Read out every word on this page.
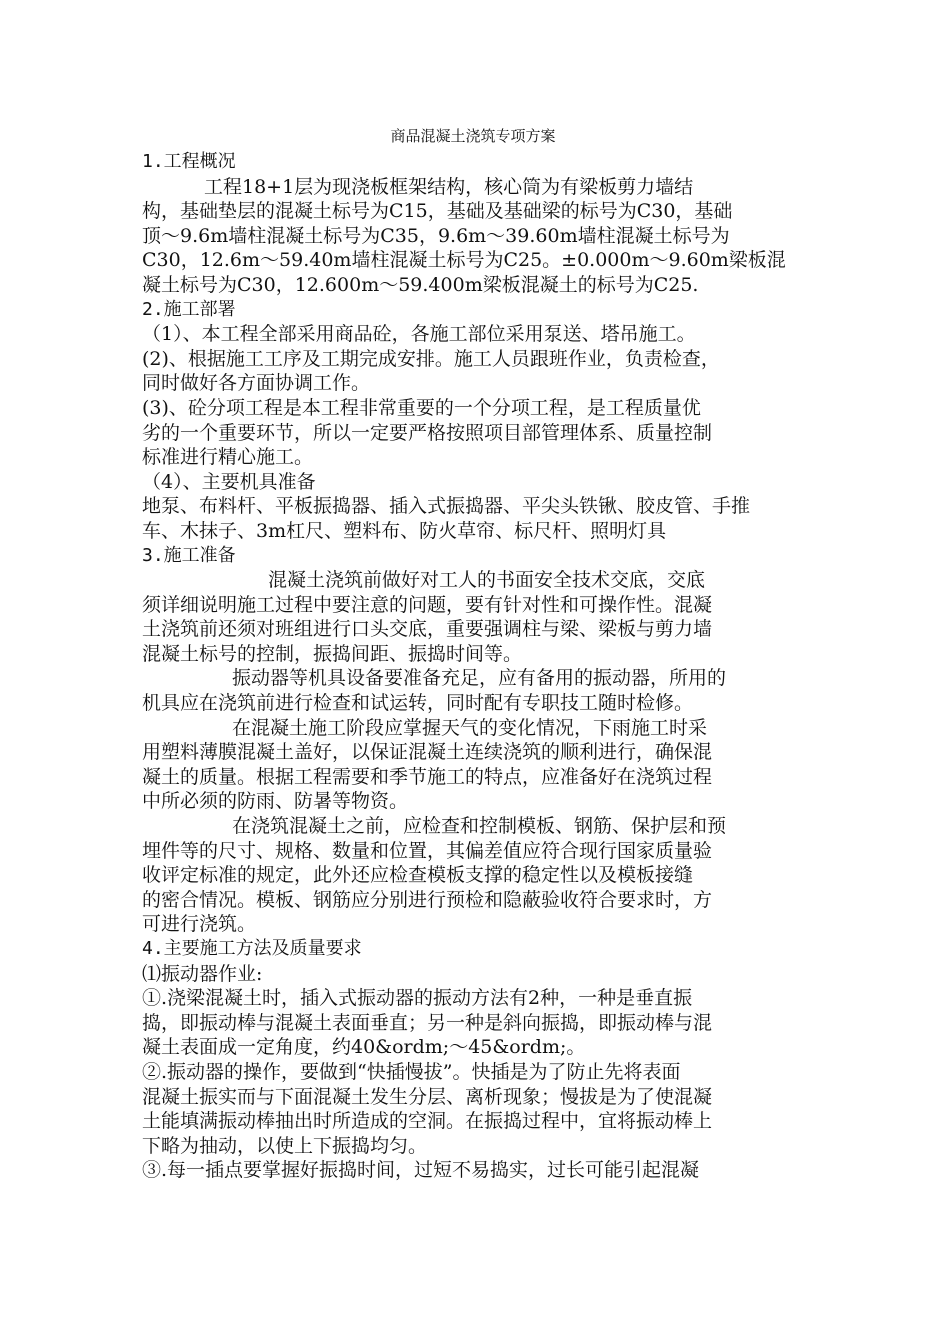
商品混凝土浇筑专项方案

1.工程概况

工程18+1层为现浇板框架结构，核心筒为有梁板剪力墙结

构，基础垫层的混凝土标号为C15，基础及基础梁的标号为C30，基础

顶～9.6m墙柱混凝土标号为C35，9.6m～39.60m墙柱混凝土标号为

C30，12.6m～59.40m墙柱混凝土标号为C25。±0.000m～9.60m梁板混

凝土标号为C30，12.600m～59.400m梁板混凝土的标号为C25.

2.施工部署

（1）、本工程全部采用商品砼，各施工部位采用泵送、塔吊施工。

(2)、根据施工工序及工期完成安排。施工人员跟班作业，负责检查，

同时做好各方面协调工作。

(3)、砼分项工程是本工程非常重要的一个分项工程，是工程质量优

劣的一个重要环节，所以一定要严格按照项目部管理体系、质量控制

标准进行精心施工。

（4）、主要机具准备

地泵、布料杆、平板振捣器、插入式振捣器、平尖头铁锹、胶皮管、手推

车、木抹子、3m杠尺、塑料布、防火草帘、标尺杆、照明灯具

3.施工准备

混凝土浇筑前做好对工人的书面安全技术交底，交底

须详细说明施工过程中要注意的问题，要有针对性和可操作性。混凝

土浇筑前还须对班组进行口头交底，重要强调柱与梁、梁板与剪力墙

混凝土标号的控制，振捣间距、振捣时间等。

振动器等机具设备要准备充足，应有备用的振动器，所用的

机具应在浇筑前进行检查和试运转，同时配有专职技工随时检修。

在混凝土施工阶段应掌握天气的变化情况，下雨施工时采

用塑料薄膜混凝土盖好，以保证混凝土连续浇筑的顺利进行，确保混

凝土的质量。根据工程需要和季节施工的特点，应准备好在浇筑过程

中所必须的防雨、防暑等物资。

在浇筑混凝土之前，应检查和控制模板、钢筋、保护层和预

埋件等的尺寸、规格、数量和位置，其偏差值应符合现行国家质量验

收评定标准的规定，此外还应检查模板支撑的稳定性以及模板接缝

的密合情况。模板、钢筋应分别进行预检和隐蔽验收符合要求时，方

可进行浇筑。

4.主要施工方法及质量要求

⑴振动器作业:

①.浇梁混凝土时，插入式振动器的振动方法有2种，一种是垂直振

捣，即振动棒与混凝土表面垂直；另一种是斜向振捣，即振动棒与混

凝土表面成一定角度，约40&ordm;～45&ordm;。

②.振动器的操作，要做到“快插慢拔”。快插是为了防止先将表面

混凝土振实而与下面混凝土发生分层、离析现象；慢拔是为了使混凝

土能填满振动棒抽出时所造成的空洞。在振捣过程中，宜将振动棒上

下略为抽动，以使上下振捣均匀。

③.每一插点要掌握好振捣时间，过短不易捣实，过长可能引起混凝
